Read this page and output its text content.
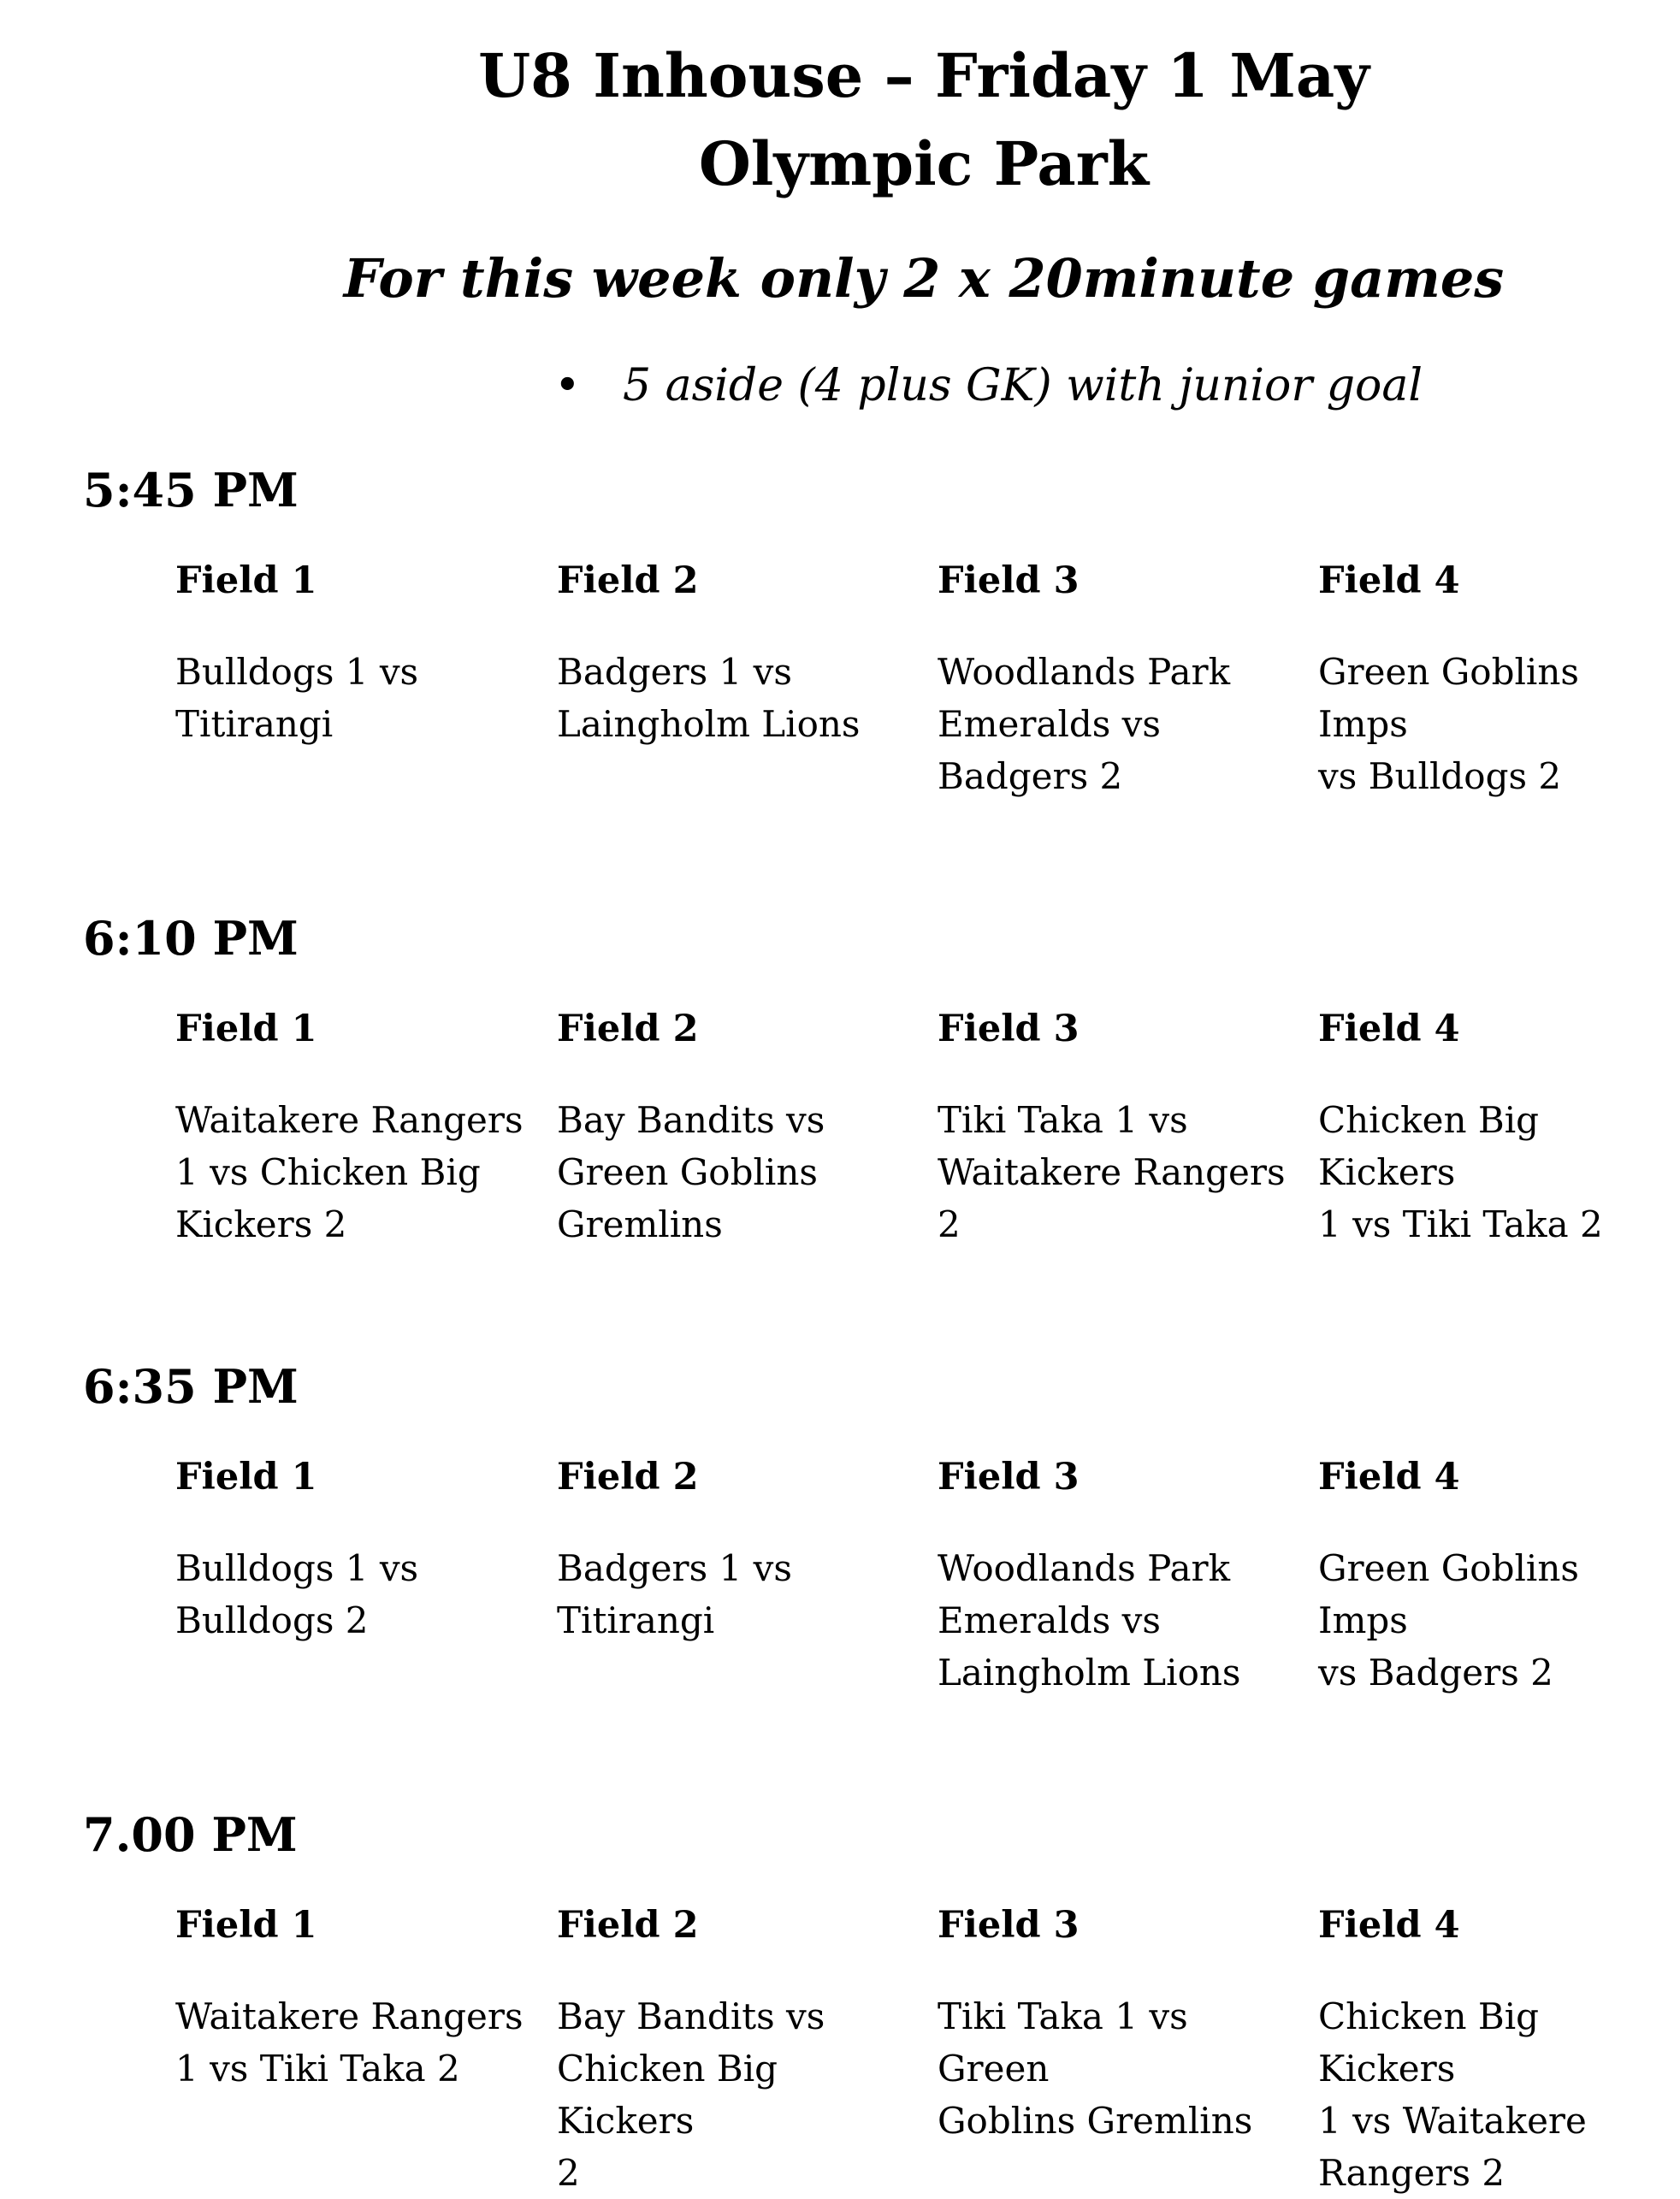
U8 Inhouse – Friday 1 May
Olympic Park
For this week only 2 x 20minute games
• 5 aside (4 plus GK) with junior goal
5:45 PM
Field 1
Bulldogs 1 vs
Titirangi
Field 2
Badgers 1 vs
Laingholm Lions
Field 3
Woodlands Park
Emeralds vs
Badgers 2
Field 4
Green Goblins Imps
vs Bulldogs 2
6:10 PM
Field 1
Waitakere Rangers
1 vs Chicken Big
Kickers 2
Field 2
Bay Bandits vs
Green Goblins
Gremlins
Field 3
Tiki Taka 1 vs
Waitakere Rangers
2
Field 4
Chicken Big Kickers
1 vs Tiki Taka 2
6:35 PM
Field 1
Bulldogs 1 vs
Bulldogs 2
Field 2
Badgers 1 vs
Titirangi
Field 3
Woodlands Park
Emeralds vs
Laingholm Lions
Field 4
Green Goblins Imps
vs Badgers 2
7.00 PM
Field 1
Waitakere Rangers
1 vs Tiki Taka 2
Field 2
Bay Bandits vs
Chicken Big Kickers
2
Field 3
Tiki Taka 1 vs Green
Goblins Gremlins
Field 4
Chicken Big Kickers
1 vs Waitakere
Rangers 2
